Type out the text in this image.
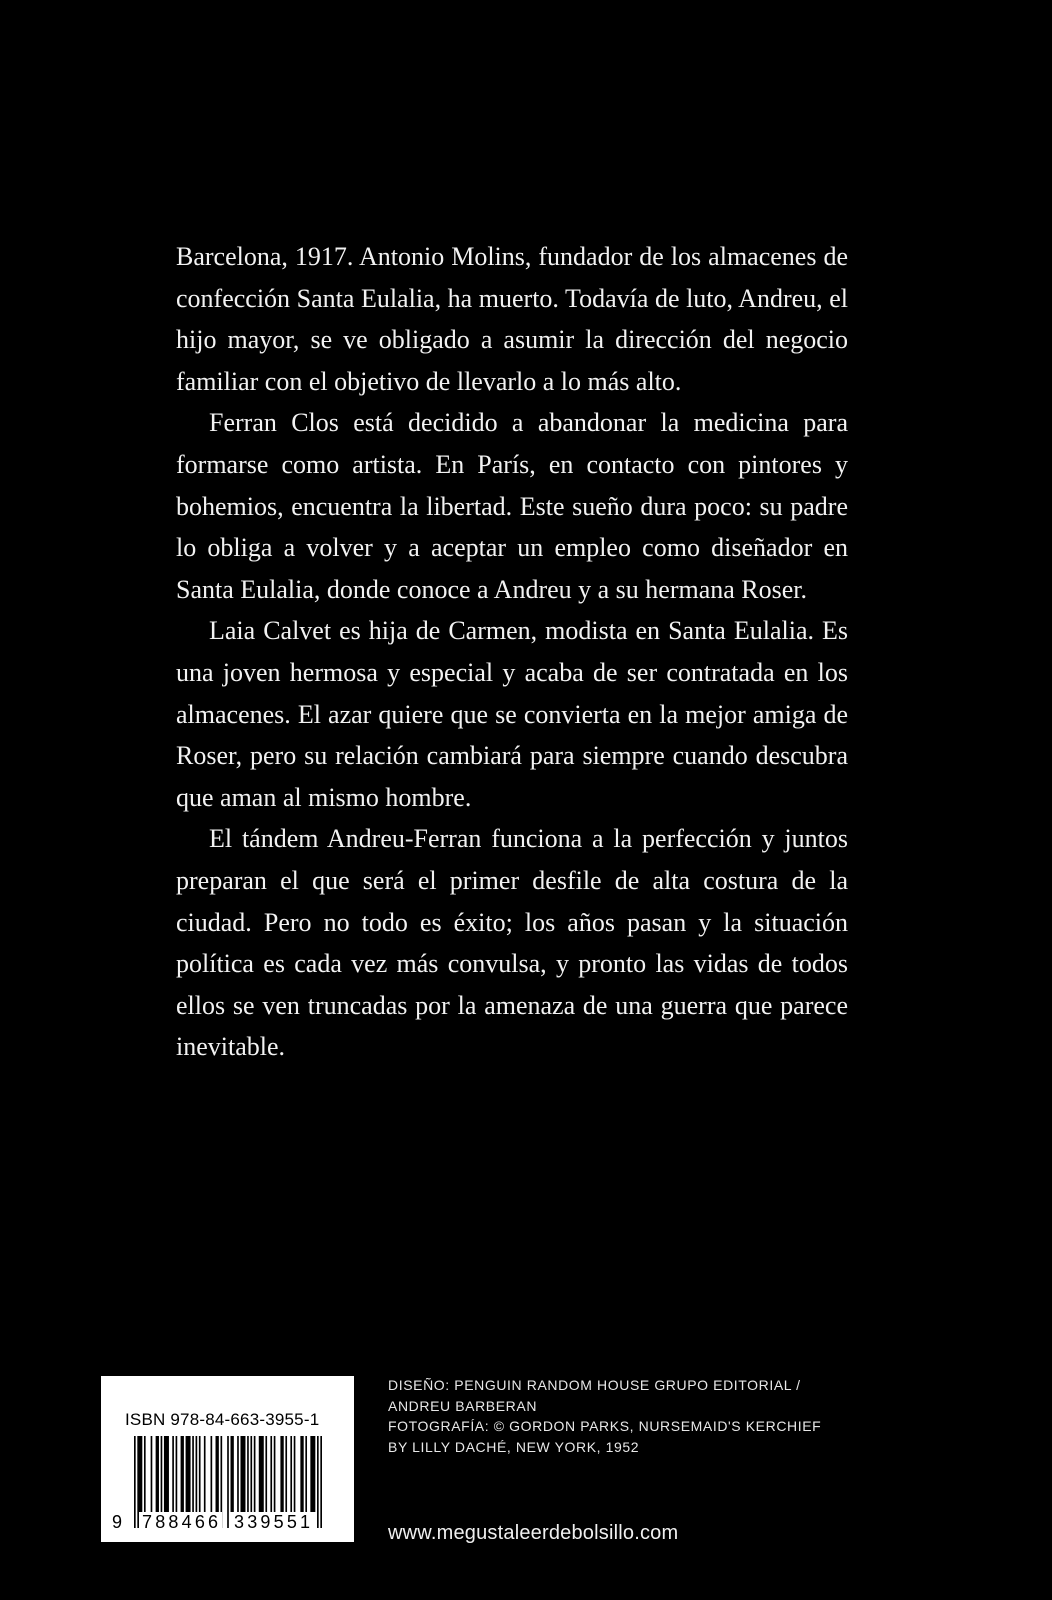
Barcelona, 1917. Antonio Molins, fundador de los almacenes de confección Santa Eulalia, ha muerto. Todavía de luto, Andreu, el hijo mayor, se ve obligado a asumir la dirección del negocio familiar con el objetivo de llevarlo a lo más alto.

Ferran Clos está decidido a abandonar la medicina para formarse como artista. En París, en contacto con pintores y bohemios, encuentra la libertad. Este sueño dura poco: su padre lo obliga a volver y a aceptar un empleo como diseñador en Santa Eulalia, donde conoce a Andreu y a su hermana Roser.

Laia Calvet es hija de Carmen, modista en Santa Eulalia. Es una joven hermosa y especial y acaba de ser contratada en los almacenes. El azar quiere que se convierta en la mejor amiga de Roser, pero su relación cambiará para siempre cuando descubra que aman al mismo hombre.

El tándem Andreu-Ferran funciona a la perfección y juntos preparan el que será el primer desfile de alta costura de la ciudad. Pero no todo es éxito; los años pasan y la situación política es cada vez más convulsa, y pronto las vidas de todos ellos se ven truncadas por la amenaza de una guerra que parece inevitable.

ISBN 978-84-663-3955-1
9 788466 339551
DISEÑO: PENGUIN RANDOM HOUSE GRUPO EDITORIAL /
ANDREU BARBERAN
FOTOGRAFÍA: © GORDON PARKS, NURSEMAID'S KERCHIEF
BY LILLY DACHÉ, NEW YORK, 1952
www.megustaleerdebolsillo.com
